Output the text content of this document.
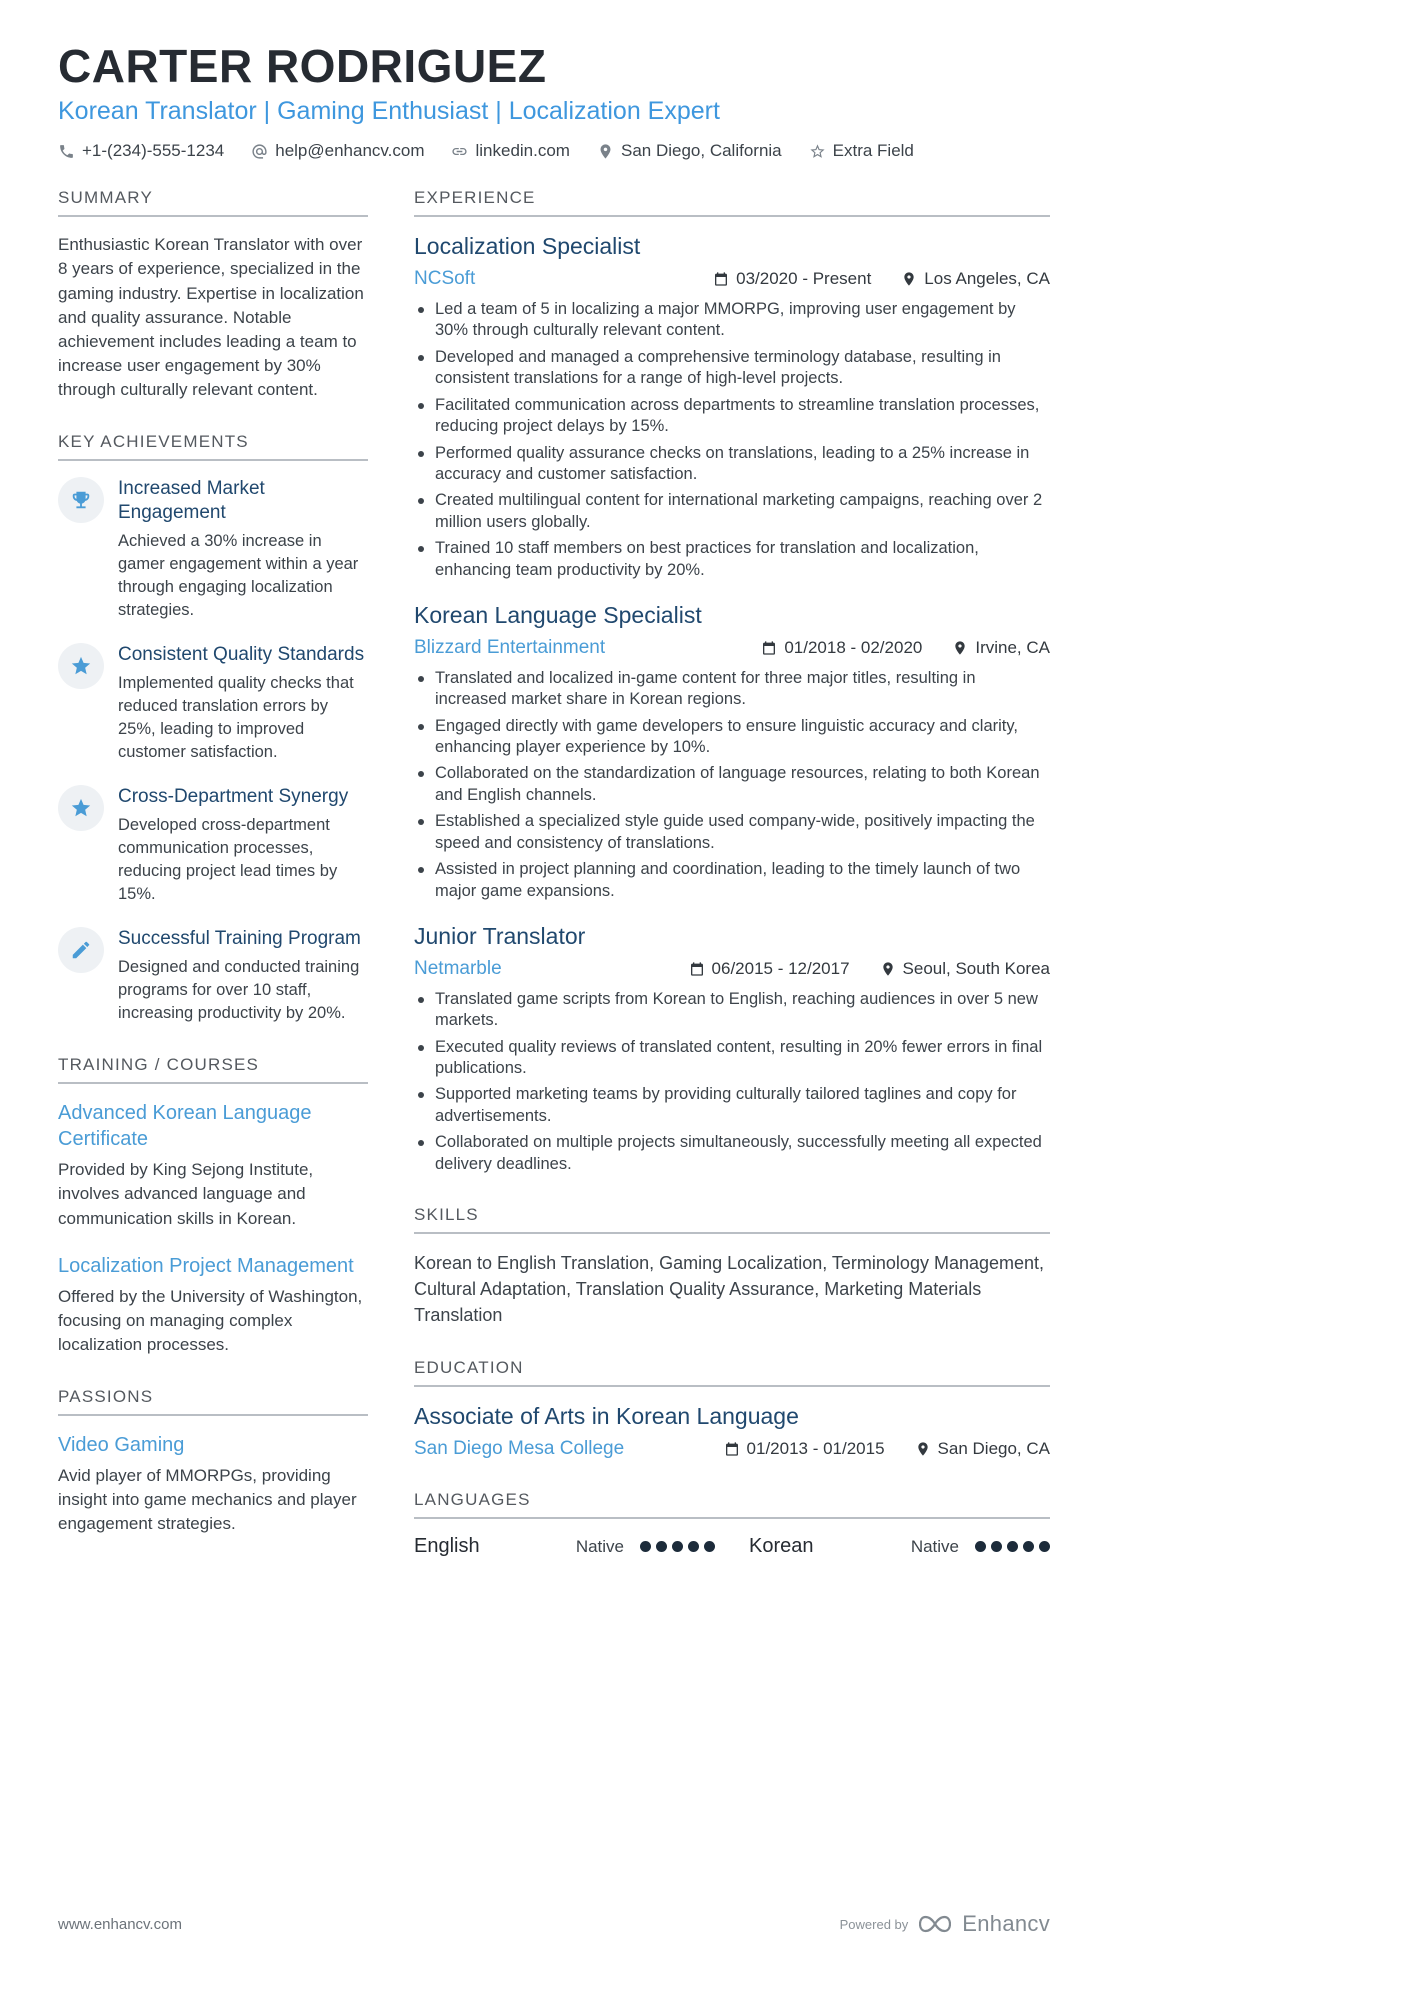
CARTER RODRIGUEZ
Korean Translator | Gaming Enthusiast | Localization Expert
+1-(234)-555-1234	help@enhancv.com	linkedin.com	San Diego, California	Extra Field
SUMMARY

Enthusiastic Korean Translator with over 8 years of experience, specialized in the gaming industry. Expertise in localization and quality assurance. Notable achievement includes leading a team to increase user engagement by 30% through culturally relevant content.

KEY ACHIEVEMENTS
Increased Market Engagement

Achieved a 30% increase in gamer engagement within a year through engaging localization strategies.

Consistent Quality Standards

Implemented quality checks that reduced translation errors by 25%, leading to improved customer satisfaction.

Cross-Department Synergy

Developed cross-department communication processes, reducing project lead times by 15%.

Successful Training Program

Designed and conducted training programs for over 10 staff, increasing productivity by 20%.

TRAINING / COURSES
Advanced Korean Language Certificate

Provided by King Sejong Institute, involves advanced language and communication skills in Korean.

Localization Project Management

Offered by the University of Washington, focusing on managing complex localization processes.

PASSIONS
Video Gaming

Avid player of MMORPGs, providing insight into game mechanics and player engagement strategies.

EXPERIENCE
Localization Specialist
NCSoft	03/2020 - Present	Los Angeles, CA
Led a team of 5 in localizing a major MMORPG, improving user engagement by 30% through culturally relevant content.
Developed and managed a comprehensive terminology database, resulting in consistent translations for a range of high-level projects.
Facilitated communication across departments to streamline translation processes, reducing project delays by 15%.
Performed quality assurance checks on translations, leading to a 25% increase in accuracy and customer satisfaction.
Created multilingual content for international marketing campaigns, reaching over 2 million users globally.
Trained 10 staff members on best practices for translation and localization, enhancing team productivity by 20%.
Korean Language Specialist
Blizzard Entertainment	01/2018 - 02/2020	Irvine, CA
Translated and localized in-game content for three major titles, resulting in increased market share in Korean regions.
Engaged directly with game developers to ensure linguistic accuracy and clarity, enhancing player experience by 10%.
Collaborated on the standardization of language resources, relating to both Korean and English channels.
Established a specialized style guide used company-wide, positively impacting the speed and consistency of translations.
Assisted in project planning and coordination, leading to the timely launch of two major game expansions.
Junior Translator
Netmarble	06/2015 - 12/2017	Seoul, South Korea
Translated game scripts from Korean to English, reaching audiences in over 5 new markets.
Executed quality reviews of translated content, resulting in 20% fewer errors in final publications.
Supported marketing teams by providing culturally tailored taglines and copy for advertisements.
Collaborated on multiple projects simultaneously, successfully meeting all expected delivery deadlines.
SKILLS

Korean to English Translation, Gaming Localization, Terminology Management, Cultural Adaptation, Translation Quality Assurance, Marketing Materials Translation

EDUCATION
Associate of Arts in Korean Language
San Diego Mesa College	01/2013 - 01/2015	San Diego, CA
LANGUAGES
English	Native	Korean	Native
www.enhancv.com	Powered by Enhancv
